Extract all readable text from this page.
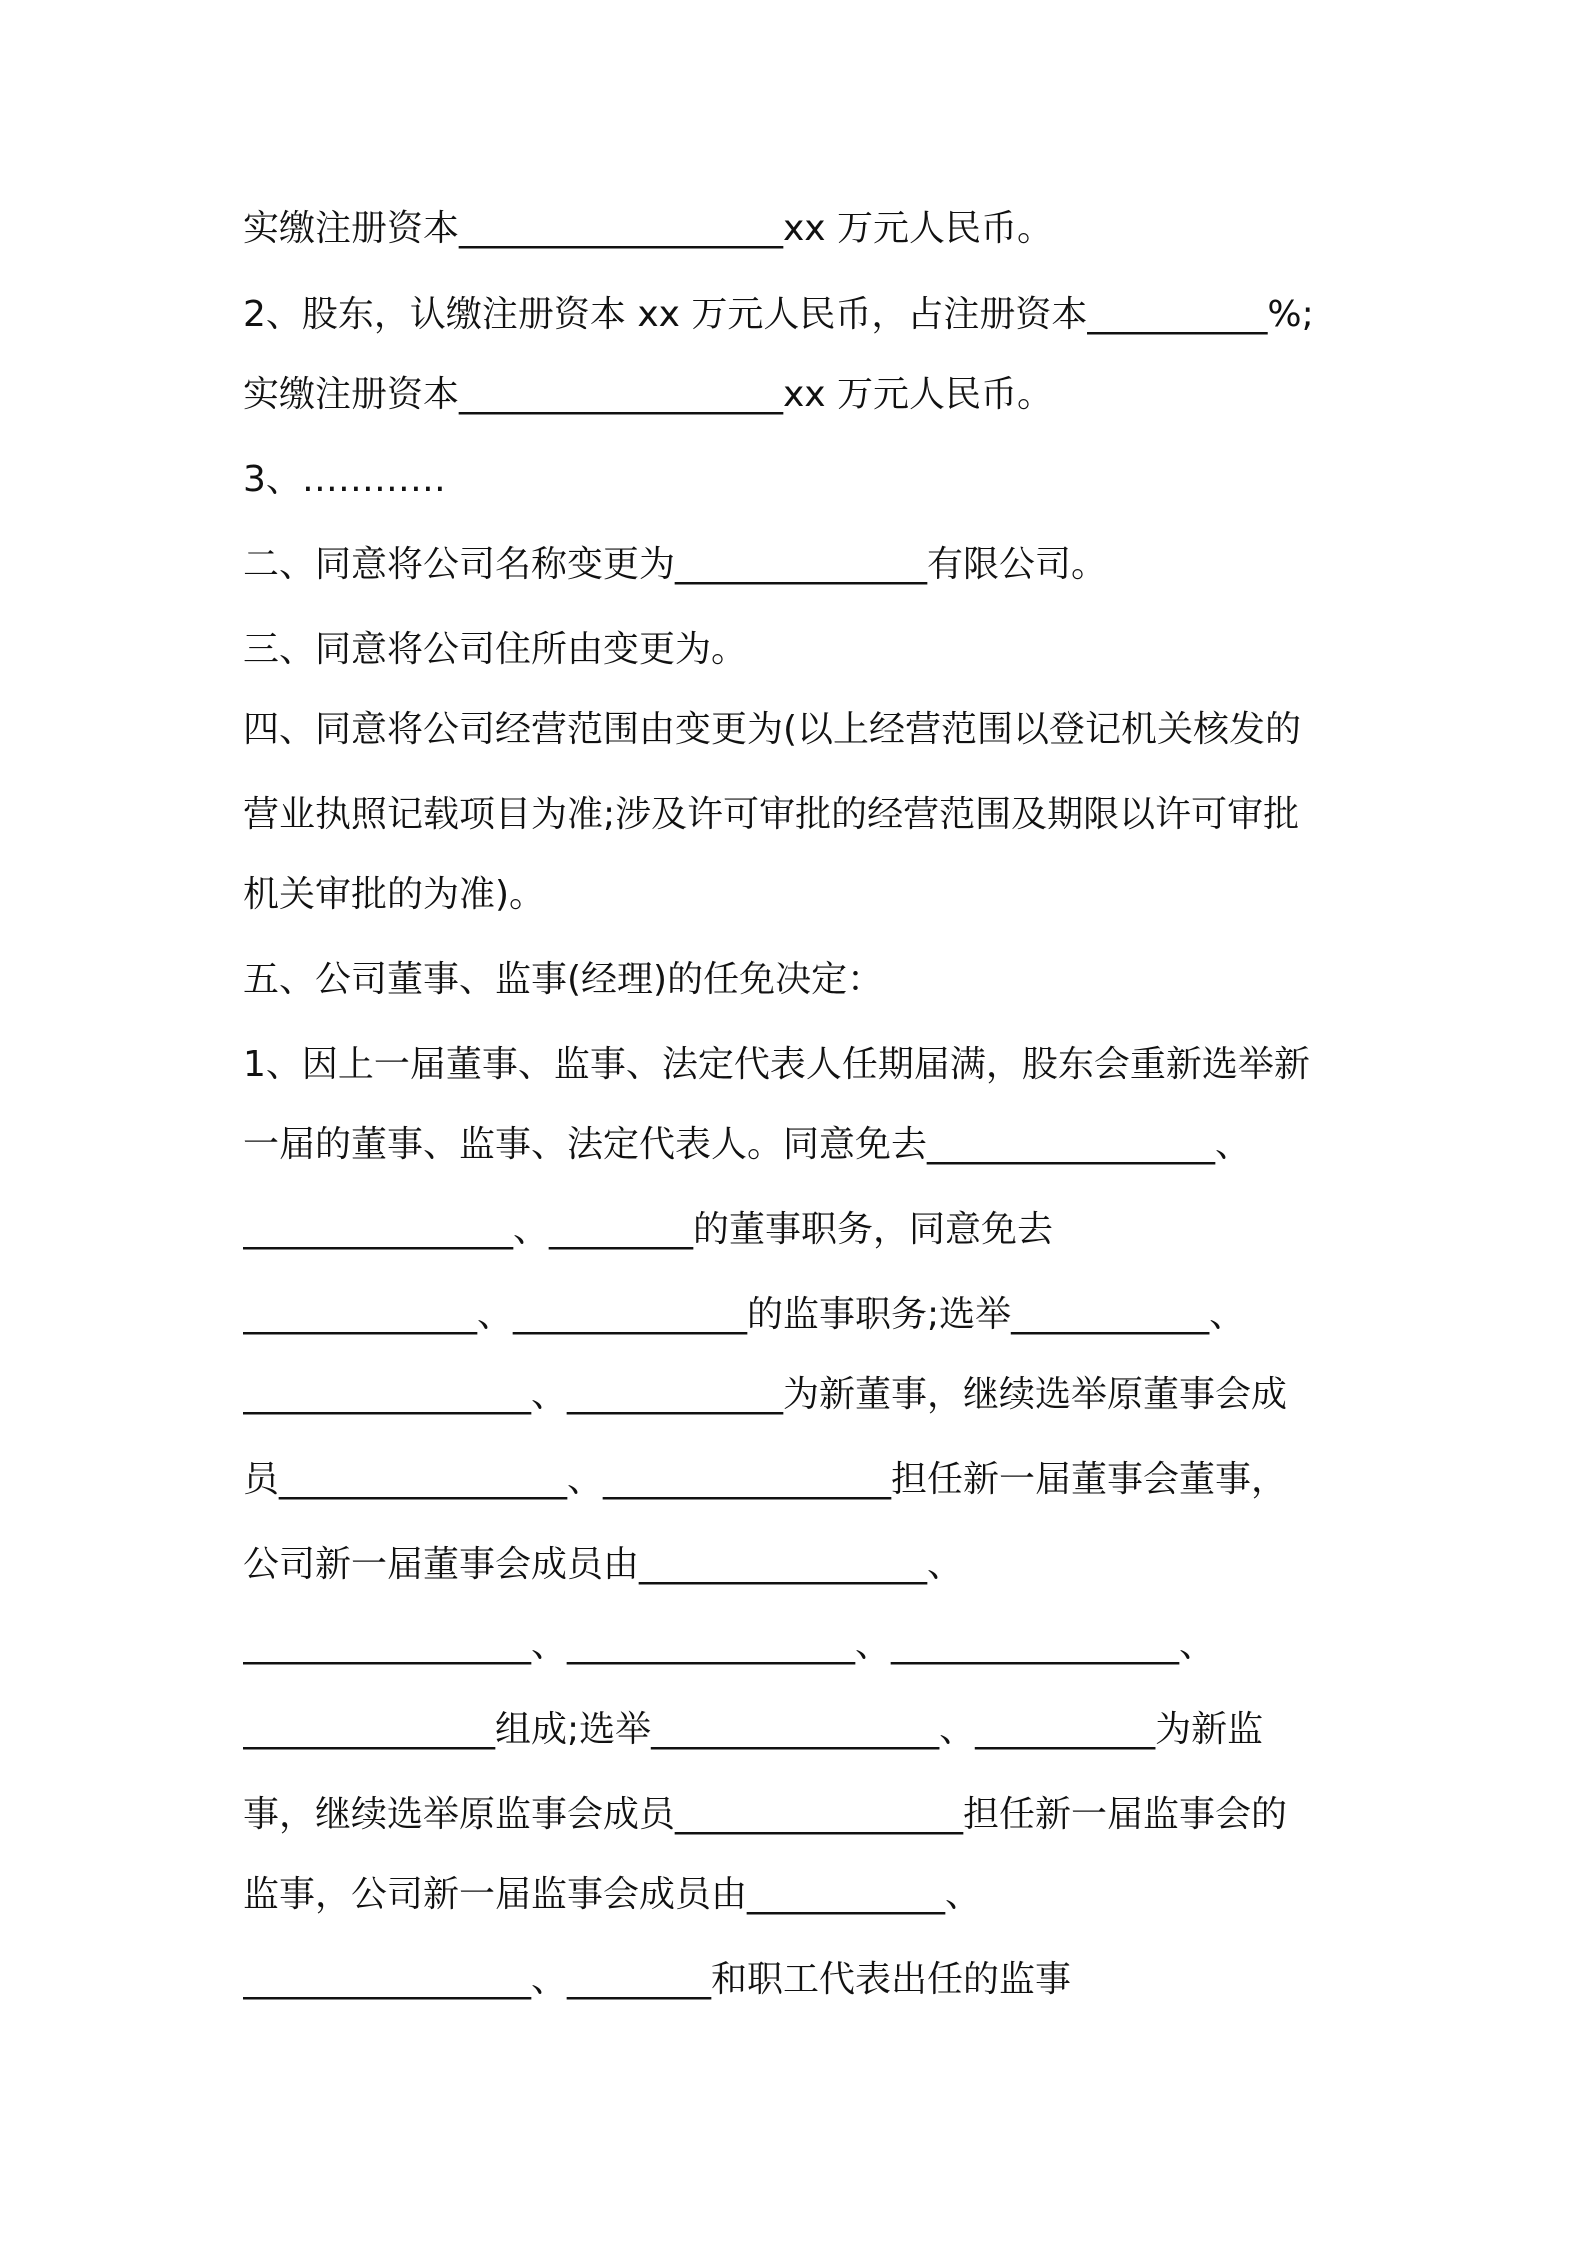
实缴注册资本__________________xx 万元人民币。
2、股东，认缴注册资本 xx 万元人民币，占注册资本__________%;
实缴注册资本__________________xx 万元人民币。
3、…………
二、同意将公司名称变更为______________有限公司。
三、同意将公司住所由变更为。
四、同意将公司经营范围由变更为(以上经营范围以登记机关核发的
营业执照记载项目为准;涉及许可审批的经营范围及期限以许可审批
机关审批的为准)。
五、公司董事、监事(经理)的任免决定：
1、因上一届董事、监事、法定代表人任期届满，股东会重新选举新
一届的董事、监事、法定代表人。同意免去________________、
_______________、________的董事职务，同意免去
_____________、_____________的监事职务;选举___________、
________________、____________为新董事，继续选举原董事会成
员________________、________________担任新一届董事会董事，
公司新一届董事会成员由________________、
________________、________________、________________、
______________组成;选举________________、__________为新监
事，继续选举原监事会成员________________担任新一届监事会的
监事，公司新一届监事会成员由___________、
________________、________和职工代表出任的监事
